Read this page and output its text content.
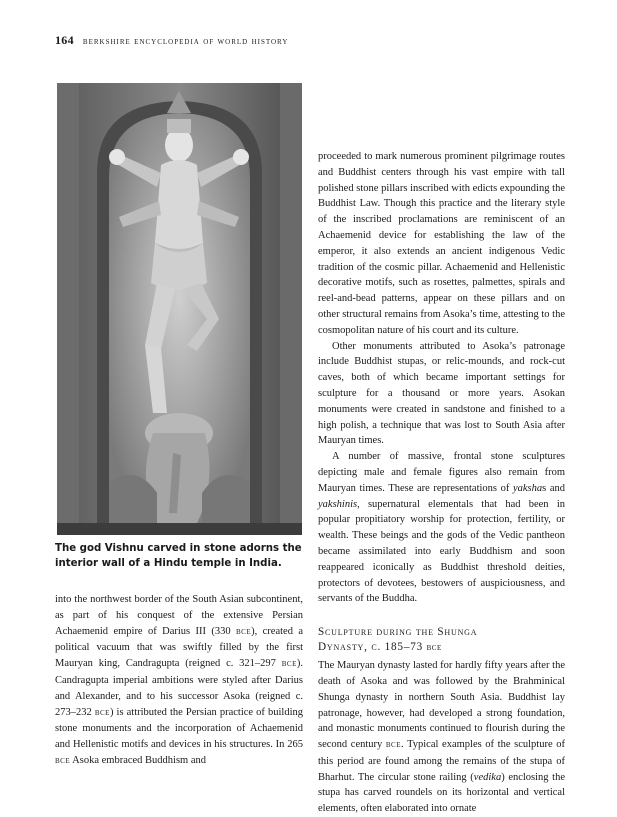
164 berkshire encyclopedia of world history
The god Vishnu carved in stone adorns the interior wall of a Hindu temple in India.

proceeded to mark numerous prominent pilgrimage routes and Buddhist centers through his vast empire with tall polished stone pillars inscribed with edicts expounding the Buddhist Law. Though this practice and the literary style of the inscribed proclamations are reminiscent of an Achaemenid device for establishing the law of the emperor, it also extends an ancient indigenous Vedic tradition of the cosmic pillar. Achaemenid and Hellenistic decorative motifs, such as rosettes, palmettes, spirals and reel-and-bead patterns, appear on these pillars and on other structural remains from Asoka’s time, attesting to the cosmopolitan nature of his court and its culture.

Other monuments attributed to Asoka’s patronage include Buddhist stupas, or relic-mounds, and rock-cut caves, both of which became important settings for sculpture for a thousand or more years. Asokan monuments were created in sandstone and finished to a high polish, a technique that was lost to South Asia after Mauryan times.

A number of massive, frontal stone sculptures depicting male and female figures also remain from Mauryan times. These are representations of yakshas and yakshinis, supernatural elementals that had been in popular propitiatory worship for protection, fertility, or wealth. These beings and the gods of the Vedic pantheon became assimilated into early Buddhism and soon reappeared iconically as Buddhist threshold deities, protectors of devotees, bestowers of auspiciousness, and servants of the Buddha.

Sculpture during the Shunga
Dynasty, c. 185–73 bce

The Mauryan dynasty lasted for hardly fifty years after the death of Asoka and was followed by the Brahminical Shunga dynasty in northern South Asia. Buddhist lay patronage, however, had developed a strong foundation, and monastic monuments continued to flourish during the second century bce. Typical examples of the sculpture of this period are found among the remains of the stupa of Bharhut. The circular stone railing (vedika) enclosing the stupa has carved roundels on its horizontal and vertical elements, often elaborated into ornate

into the northwest border of the South Asian subcontinent, as part of his conquest of the extensive Persian Achaemenid empire of Darius III (330 bce), created a political vacuum that was swiftly filled by the first Mauryan king, Candragupta (reigned c. 321–297 bce). Candragupta imperial ambitions were styled after Darius and Alexander, and to his successor Asoka (reigned c. 273–232 bce) is attributed the Persian practice of building stone monuments and the incorporation of Achaemenid and Hellenistic motifs and devices in his structures. In 265 bce Asoka embraced Buddhism and
